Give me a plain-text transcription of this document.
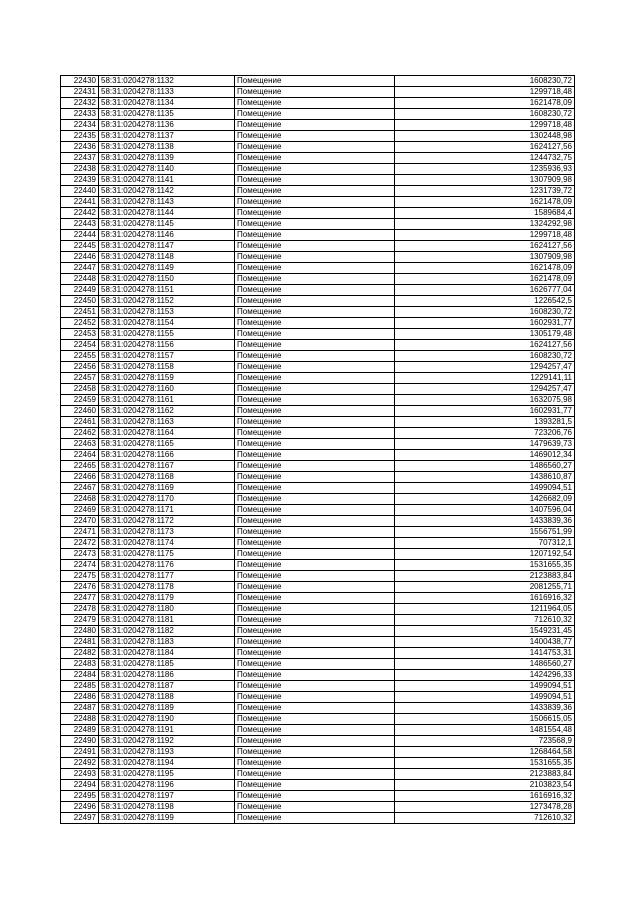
22430	58:31:0204278:1132	Помещение	1608230,72
22431	58:31:0204278:1133	Помещение	1299718,48
22432	58:31:0204278:1134	Помещение	1621478,09
22433	58:31:0204278:1135	Помещение	1608230,72
22434	58:31:0204278:1136	Помещение	1299718,48
22435	58:31:0204278:1137	Помещение	1302448,98
22436	58:31:0204278:1138	Помещение	1624127,56
22437	58:31:0204278:1139	Помещение	1244732,75
22438	58:31:0204278:1140	Помещение	1235936,93
22439	58:31:0204278:1141	Помещение	1307909,98
22440	58:31:0204278:1142	Помещение	1231739,72
22441	58:31:0204278:1143	Помещение	1621478,09
22442	58:31:0204278:1144	Помещение	1589684,4
22443	58:31:0204278:1145	Помещение	1324292,98
22444	58:31:0204278:1146	Помещение	1299718,48
22445	58:31:0204278:1147	Помещение	1624127,56
22446	58:31:0204278:1148	Помещение	1307909,98
22447	58:31:0204278:1149	Помещение	1621478,09
22448	58:31:0204278:1150	Помещение	1621478,09
22449	58:31:0204278:1151	Помещение	1626777,04
22450	58:31:0204278:1152	Помещение	1226542,5
22451	58:31:0204278:1153	Помещение	1608230,72
22452	58:31:0204278:1154	Помещение	1602931,77
22453	58:31:0204278:1155	Помещение	1305179,48
22454	58:31:0204278:1156	Помещение	1624127,56
22455	58:31:0204278:1157	Помещение	1608230,72
22456	58:31:0204278:1158	Помещение	1294257,47
22457	58:31:0204278:1159	Помещение	1229141,11
22458	58:31:0204278:1160	Помещение	1294257,47
22459	58:31:0204278:1161	Помещение	1632075,98
22460	58:31:0204278:1162	Помещение	1602931,77
22461	58:31:0204278:1163	Помещение	1393281,5
22462	58:31:0204278:1164	Помещение	723206,76
22463	58:31:0204278:1165	Помещение	1479639,73
22464	58:31:0204278:1166	Помещение	1469012,34
22465	58:31:0204278:1167	Помещение	1486560,27
22466	58:31:0204278:1168	Помещение	1438610,87
22467	58:31:0204278:1169	Помещение	1499094,51
22468	58:31:0204278:1170	Помещение	1426682,09
22469	58:31:0204278:1171	Помещение	1407596,04
22470	58:31:0204278:1172	Помещение	1433839,36
22471	58:31:0204278:1173	Помещение	1556751,99
22472	58:31:0204278:1174	Помещение	707312,1
22473	58:31:0204278:1175	Помещение	1207192,54
22474	58:31:0204278:1176	Помещение	1531655,35
22475	58:31:0204278:1177	Помещение	2123883,84
22476	58:31:0204278:1178	Помещение	2081255,71
22477	58:31:0204278:1179	Помещение	1616916,32
22478	58:31:0204278:1180	Помещение	1211964,05
22479	58:31:0204278:1181	Помещение	712610,32
22480	58:31:0204278:1182	Помещение	1549231,45
22481	58:31:0204278:1183	Помещение	1400438,77
22482	58:31:0204278:1184	Помещение	1414753,31
22483	58:31:0204278:1185	Помещение	1486560,27
22484	58:31:0204278:1186	Помещение	1424296,33
22485	58:31:0204278:1187	Помещение	1499094,51
22486	58:31:0204278:1188	Помещение	1499094,51
22487	58:31:0204278:1189	Помещение	1433839,36
22488	58:31:0204278:1190	Помещение	1506615,05
22489	58:31:0204278:1191	Помещение	1481554,48
22490	58:31:0204278:1192	Помещение	723568,9
22491	58:31:0204278:1193	Помещение	1268464,58
22492	58:31:0204278:1194	Помещение	1531655,35
22493	58:31:0204278:1195	Помещение	2123883,84
22494	58:31:0204278:1196	Помещение	2103823,54
22495	58:31:0204278:1197	Помещение	1616916,32
22496	58:31:0204278:1198	Помещение	1273478,28
22497	58:31:0204278:1199	Помещение	712610,32
